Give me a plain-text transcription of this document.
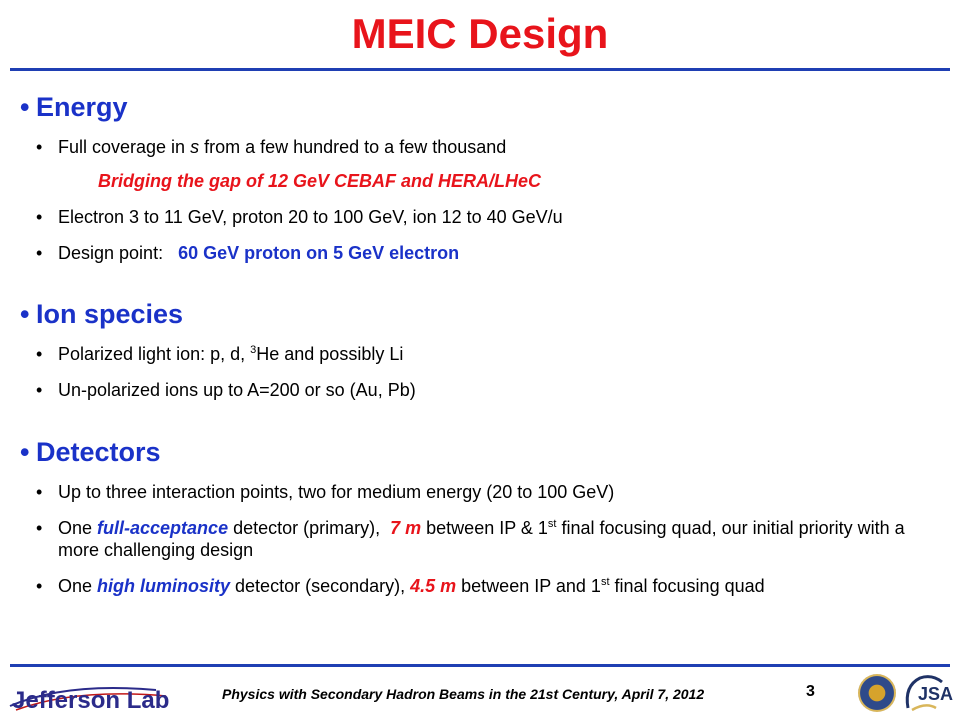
MEIC Design
• Energy
• Full coverage in s from a few hundred to a few thousand
Bridging the gap of 12 GeV CEBAF and HERA/LHeC
• Electron 3 to 11 GeV, proton 20 to 100 GeV, ion 12 to 40 GeV/u
• Design point:   60 GeV proton on 5 GeV electron
• Ion species
• Polarized light ion: p, d, $^3$He and possibly Li
• Un-polarized ions up to A=200 or so (Au, Pb)
• Detectors
• Up to three interaction points, two for medium energy (20 to 100 GeV)
• One full-acceptance detector (primary),  7 m between IP & 1st final focusing quad, our initial priority with a more challenging design
• One high luminosity detector (secondary), 4.5 m between IP and 1st final focusing quad
Jefferson Lab	Physics with Secondary Hadron Beams in the 21st Century, April 7, 2012	3	JSA
